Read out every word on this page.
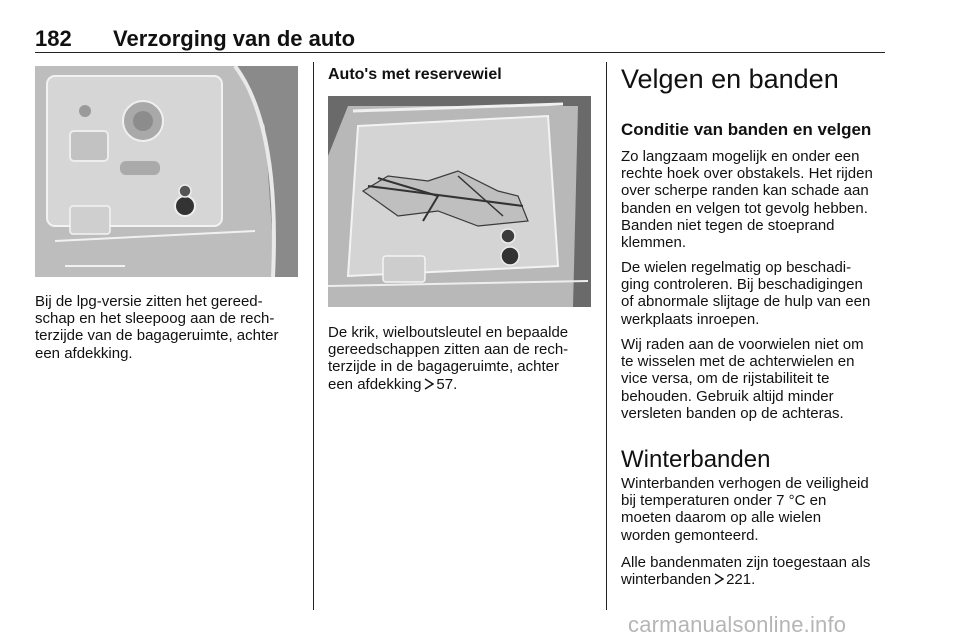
182 Verzorging van de auto
Bij de lpg-versie zitten het gereed-
schap en het sleepoog aan de rech-
terzijde van de bagageruimte, achter
een afdekking.
Auto's met reservewiel
De krik, wielboutsleutel en bepaalde
gereedschappen zitten aan de rech-
terzijde in de bagageruimte, achter
een afdekking 57.
Velgen en banden
Conditie van banden en velgen
Zo langzaam mogelijk en onder een
rechte hoek over obstakels. Het rijden
over scherpe randen kan schade aan
banden en velgen tot gevolg hebben.
Banden niet tegen de stoeprand
klemmen.
De wielen regelmatig op beschadi-
ging controleren. Bij beschadigingen
of abnormale slijtage de hulp van een
werkplaats inroepen.
Wij raden aan de voorwielen niet om
te wisselen met de achterwielen en
vice versa, om de rijstabiliteit te
behouden. Gebruik altijd minder
versleten banden op de achteras.
Winterbanden
Winterbanden verhogen de veiligheid
bij temperaturen onder 7 °C en
moeten daarom op alle wielen
worden gemonteerd.
Alle bandenmaten zijn toegestaan als
winterbanden 221.
carmanualsonline.info
